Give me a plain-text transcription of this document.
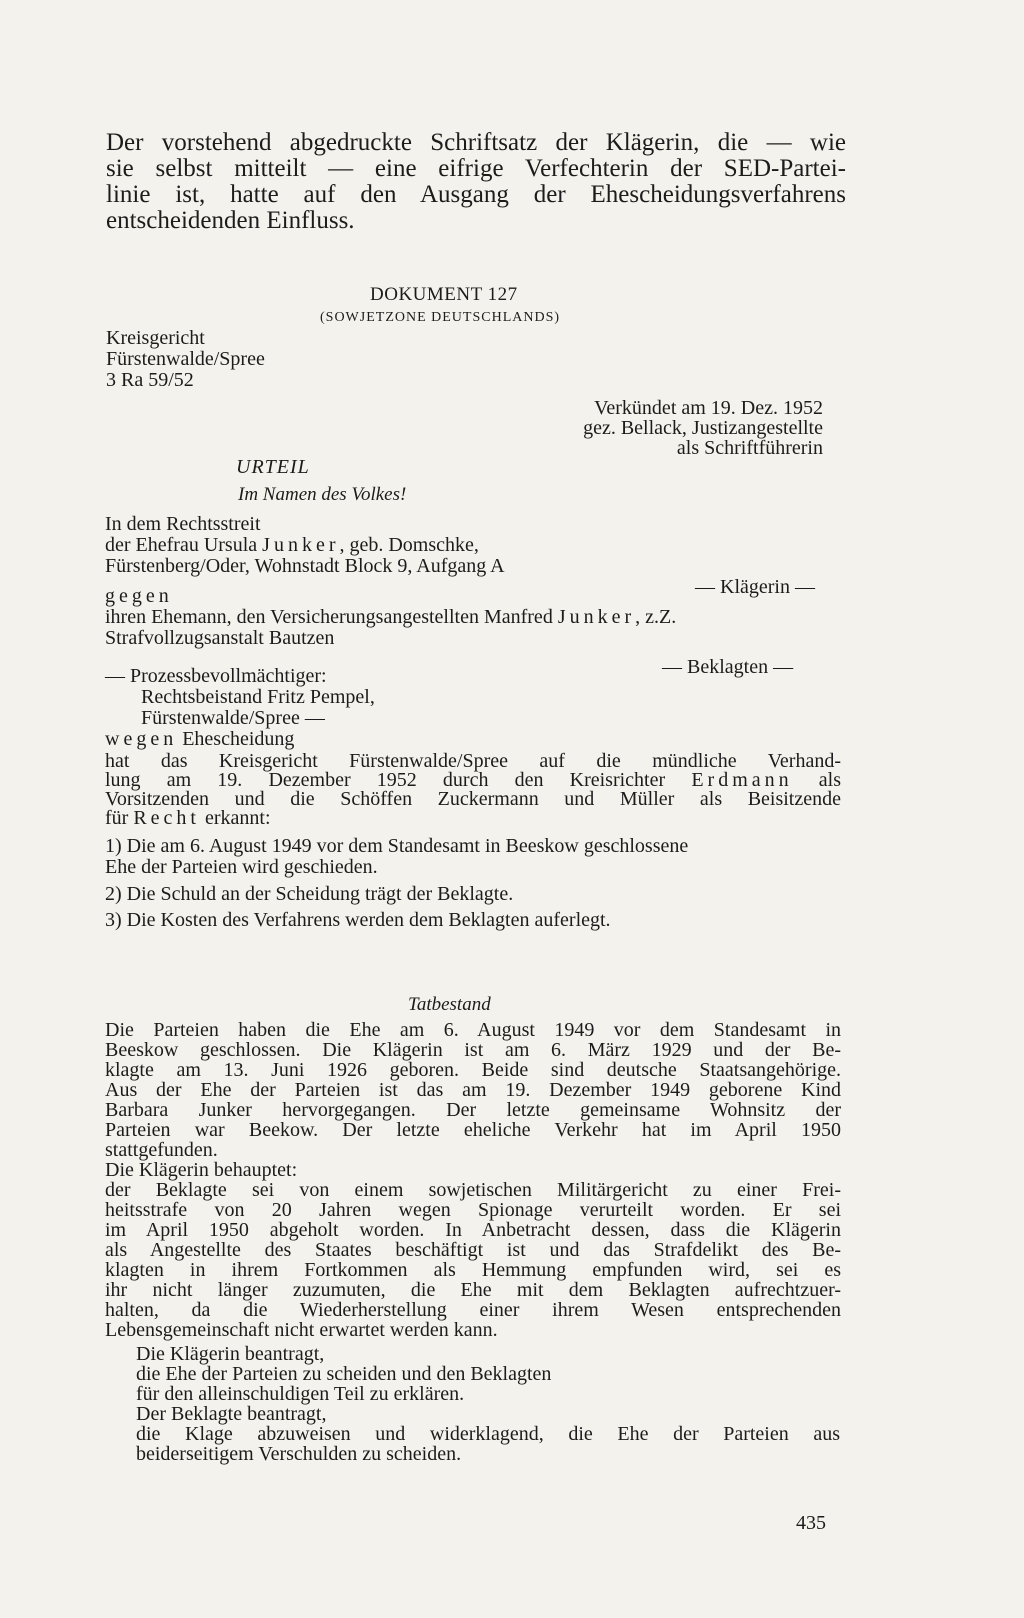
Der vorstehend abgedruckte Schriftsatz der Klägerin, die — wie
sie selbst mitteilt — eine eifrige Verfechterin der SED-Partei-
linie ist, hatte auf den Ausgang der Ehescheidungsverfahrens
entscheidenden Einfluss.
DOKUMENT 127
(SOWJETZONE DEUTSCHLANDS)
Kreisgericht
Fürstenwalde/Spree
3 Ra 59/52
Verkündet am 19. Dez. 1952
gez. Bellack, Justizangestellte
als Schriftführerin
URTEIL
Im Namen des Volkes!
In dem Rechtsstreit
der Ehefrau Ursula Junker, geb. Domschke,
Fürstenberg/Oder, Wohnstadt Block 9, Aufgang A
— Klägerin —
gegen
ihren Ehemann, den Versicherungsangestellten Manfred Junker, z.Z.
Strafvollzugsanstalt Bautzen
— Beklagten —
— Prozessbevollmächtiger:
Rechtsbeistand Fritz Pempel,
Fürstenwalde/Spree —
wegen Ehescheidung
hat das Kreisgericht Fürstenwalde/Spree auf die mündliche Verhand-
lung am 19. Dezember 1952 durch den Kreisrichter Erdmann als
Vorsitzenden und die Schöffen Zuckermann und Müller als Beisitzende
für Recht erkannt:
1) Die am 6. August 1949 vor dem Standesamt in Beeskow geschlossene
Ehe der Parteien wird geschieden.
2) Die Schuld an der Scheidung trägt der Beklagte.
3) Die Kosten des Verfahrens werden dem Beklagten auferlegt.
Tatbestand
Die Parteien haben die Ehe am 6. August 1949 vor dem Standesamt in
Beeskow geschlossen. Die Klägerin ist am 6. März 1929 und der Be-
klagte am 13. Juni 1926 geboren. Beide sind deutsche Staatsangehörige.
Aus der Ehe der Parteien ist das am 19. Dezember 1949 geborene Kind
Barbara Junker hervorgegangen. Der letzte gemeinsame Wohnsitz der
Parteien war Beekow. Der letzte eheliche Verkehr hat im April 1950
stattgefunden.
Die Klägerin behauptet:
der Beklagte sei von einem sowjetischen Militärgericht zu einer Frei-
heitsstrafe von 20 Jahren wegen Spionage verurteilt worden. Er sei
im April 1950 abgeholt worden. In Anbetracht dessen, dass die Klägerin
als Angestellte des Staates beschäftigt ist und das Strafdelikt des Be-
klagten in ihrem Fortkommen als Hemmung empfunden wird, sei es
ihr nicht länger zuzumuten, die Ehe mit dem Beklagten aufrechtzuer-
halten, da die Wiederherstellung einer ihrem Wesen entsprechenden
Lebensgemeinschaft nicht erwartet werden kann.
Die Klägerin beantragt,
die Ehe der Parteien zu scheiden und den Beklagten
für den alleinschuldigen Teil zu erklären.
Der Beklagte beantragt,
die Klage abzuweisen und widerklagend, die Ehe der Parteien aus
beiderseitigem Verschulden zu scheiden.
435
